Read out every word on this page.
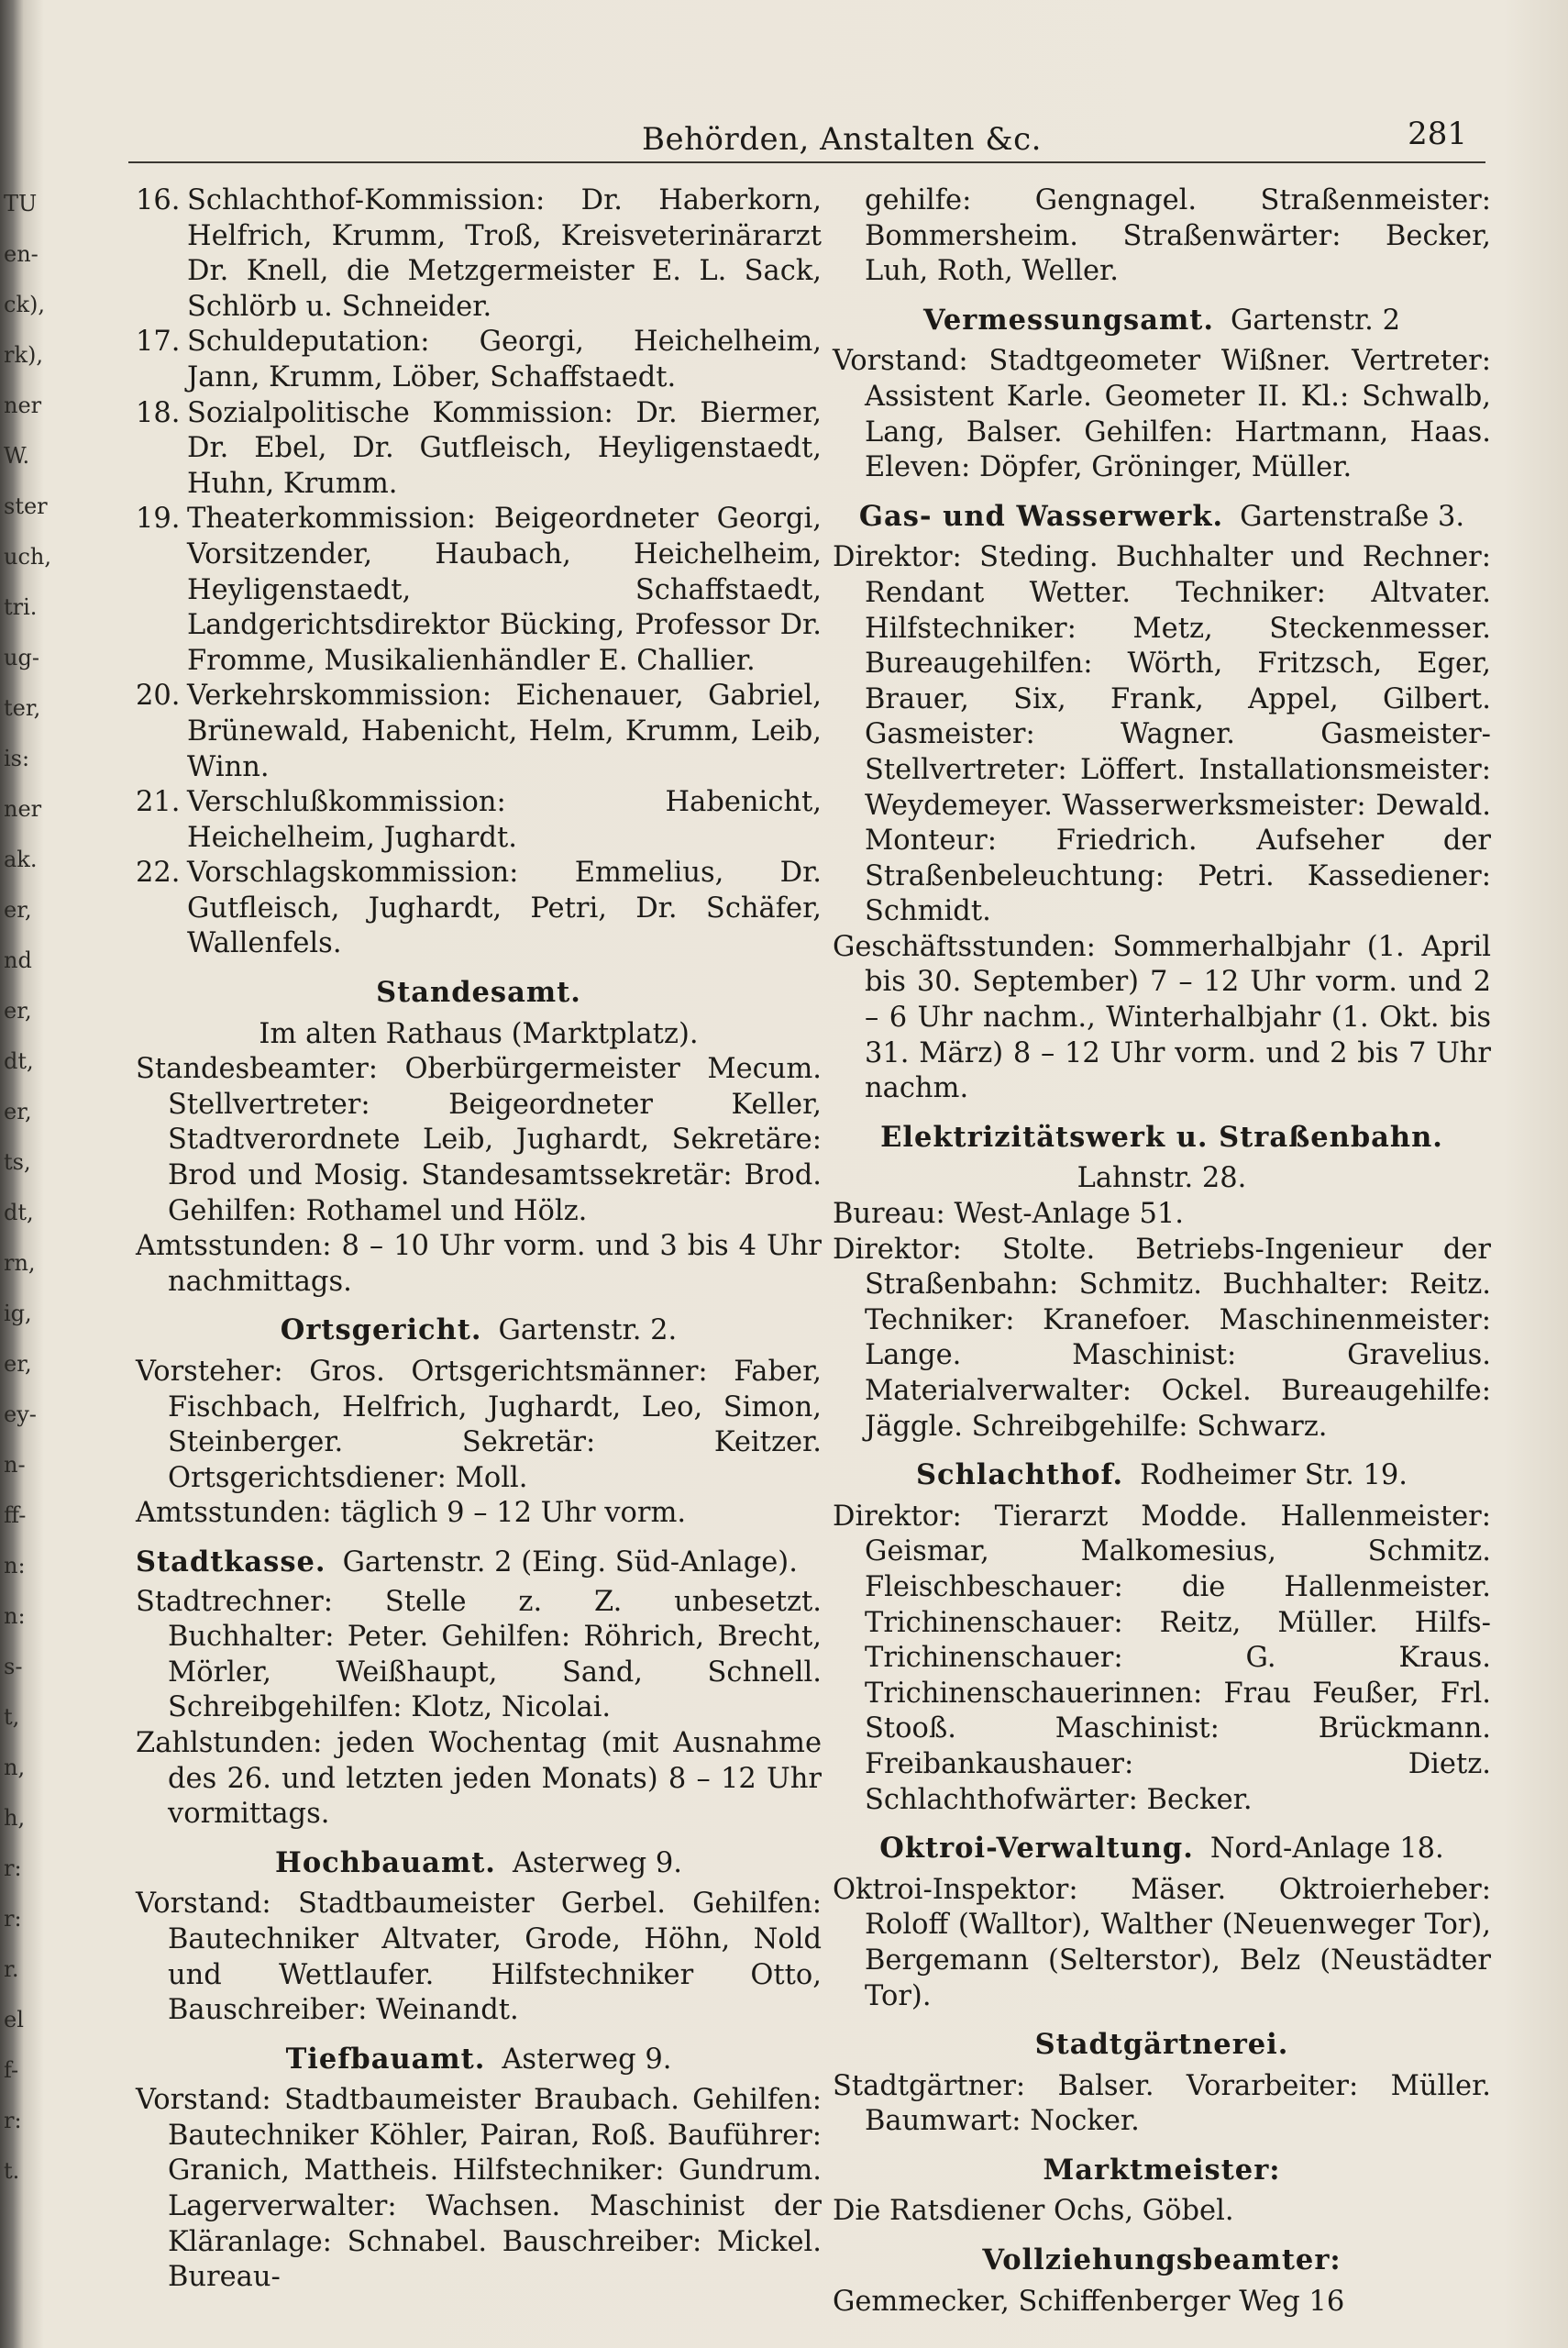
TU
en-
ck),
rk),
ner
W.
ster
uch,
tri.
ug-
ter,
is:
ner
ak.
er,
nd
er,
dt,
er,
ts,
dt,
rn,
ig,
er,
ey-
n-
ff-
n:
n:
s-
t,
n,
h,
r:
r:
r.
el
f-
r:
t.
Behörden, Anstalten &c.	281
16. Schlachthof-Kommission: Dr. Haberkorn, Helfrich, Krumm, Troß, Kreisveterinärarzt Dr. Knell, die Metzgermeister E. L. Sack, Schlörb u. Schneider.
17. Schuldeputation: Georgi, Heichelheim, Jann, Krumm, Löber, Schaffstaedt.
18. Sozialpolitische Kommission: Dr. Biermer, Dr. Ebel, Dr. Gutfleisch, Heyligenstaedt, Huhn, Krumm.
19. Theaterkommission: Beigeordneter Georgi, Vorsitzender, Haubach, Heichelheim, Heyligenstaedt, Schaffstaedt, Landgerichtsdirektor Bücking, Professor Dr. Fromme, Musikalienhändler E. Challier.
20. Verkehrskommission: Eichenauer, Gabriel, Brünewald, Habenicht, Helm, Krumm, Leib, Winn.
21. Verschlußkommission: Habenicht, Heichelheim, Jughardt.
22. Vorschlagskommission: Emmelius, Dr. Gutfleisch, Jughardt, Petri, Dr. Schäfer, Wallenfels.
Standesamt.

Im alten Rathaus (Marktplatz).

Standesbeamter: Oberbürgermeister Mecum. Stellvertreter: Beigeordneter Keller, Stadtverordnete Leib, Jughardt, Sekretäre: Brod und Mosig. Standesamtssekretär: Brod. Gehilfen: Rothamel und Hölz.

Amtsstunden: 8 – 10 Uhr vorm. und 3 bis 4 Uhr nachmittags.

Ortsgericht. Gartenstr. 2.

Vorsteher: Gros. Ortsgerichtsmänner: Faber, Fischbach, Helfrich, Jughardt, Leo, Simon, Steinberger. Sekretär: Keitzer. Ortsgerichtsdiener: Moll.

Amtsstunden: täglich 9 – 12 Uhr vorm.

Stadtkasse. Gartenstr. 2 (Eing. Süd-Anlage).

Stadtrechner: Stelle z. Z. unbesetzt. Buchhalter: Peter. Gehilfen: Röhrich, Brecht, Mörler, Weißhaupt, Sand, Schnell. Schreibgehilfen: Klotz, Nicolai.

Zahlstunden: jeden Wochentag (mit Ausnahme des 26. und letzten jeden Monats) 8 – 12 Uhr vormittags.

Hochbauamt. Asterweg 9.

Vorstand: Stadtbaumeister Gerbel. Gehilfen: Bautechniker Altvater, Grode, Höhn, Nold und Wettlaufer. Hilfstechniker Otto, Bauschreiber: Weinandt.

Tiefbauamt. Asterweg 9.

Vorstand: Stadtbaumeister Braubach. Gehilfen: Bautechniker Köhler, Pairan, Roß. Bauführer: Granich, Mattheis. Hilfstechniker: Gundrum. Lagerverwalter: Wachsen. Maschinist der Kläranlage: Schnabel. Bauschreiber: Mickel. Bureau-

gehilfe: Gengnagel. Straßenmeister: Bommersheim. Straßenwärter: Becker, Luh, Roth, Weller.

Vermessungsamt. Gartenstr. 2

Vorstand: Stadtgeometer Wißner. Vertreter: Assistent Karle. Geometer II. Kl.: Schwalb, Lang, Balser. Gehilfen: Hartmann, Haas. Eleven: Döpfer, Gröninger, Müller.

Gas- und Wasserwerk. Gartenstraße 3.

Direktor: Steding. Buchhalter und Rechner: Rendant Wetter. Techniker: Altvater. Hilfstechniker: Metz, Steckenmesser. Bureaugehilfen: Wörth, Fritzsch, Eger, Brauer, Six, Frank, Appel, Gilbert. Gasmeister: Wagner. Gasmeister-Stellvertreter: Löffert. Installationsmeister: Weydemeyer. Wasserwerksmeister: Dewald. Monteur: Friedrich. Aufseher der Straßenbeleuchtung: Petri. Kassediener: Schmidt.

Geschäftsstunden: Sommerhalbjahr (1. April bis 30. September) 7 – 12 Uhr vorm. und 2 – 6 Uhr nachm., Winterhalbjahr (1. Okt. bis 31. März) 8 – 12 Uhr vorm. und 2 bis 7 Uhr nachm.

Elektrizitätswerk u. Straßenbahn.

Lahnstr. 28.

Bureau: West-Anlage 51.

Direktor: Stolte. Betriebs-Ingenieur der Straßenbahn: Schmitz. Buchhalter: Reitz. Techniker: Kranefoer. Maschinenmeister: Lange. Maschinist: Gravelius. Materialverwalter: Ockel. Bureaugehilfe: Jäggle. Schreibgehilfe: Schwarz.

Schlachthof. Rodheimer Str. 19.

Direktor: Tierarzt Modde. Hallenmeister: Geismar, Malkomesius, Schmitz. Fleischbeschauer: die Hallenmeister. Trichinenschauer: Reitz, Müller. Hilfs-Trichinenschauer: G. Kraus. Trichinenschauerinnen: Frau Feußer, Frl. Stooß. Maschinist: Brückmann. Freibankaushauer: Dietz. Schlachthofwärter: Becker.

Oktroi-Verwaltung. Nord-Anlage 18.

Oktroi-Inspektor: Mäser. Oktroierheber: Roloff (Walltor), Walther (Neuenweger Tor), Bergemann (Selterstor), Belz (Neustädter Tor).

Stadtgärtnerei.

Stadtgärtner: Balser. Vorarbeiter: Müller. Baumwart: Nocker.

Marktmeister:

Die Ratsdiener Ochs, Göbel.

Vollziehungsbeamter:

Gemmecker, Schiffenberger Weg 16
